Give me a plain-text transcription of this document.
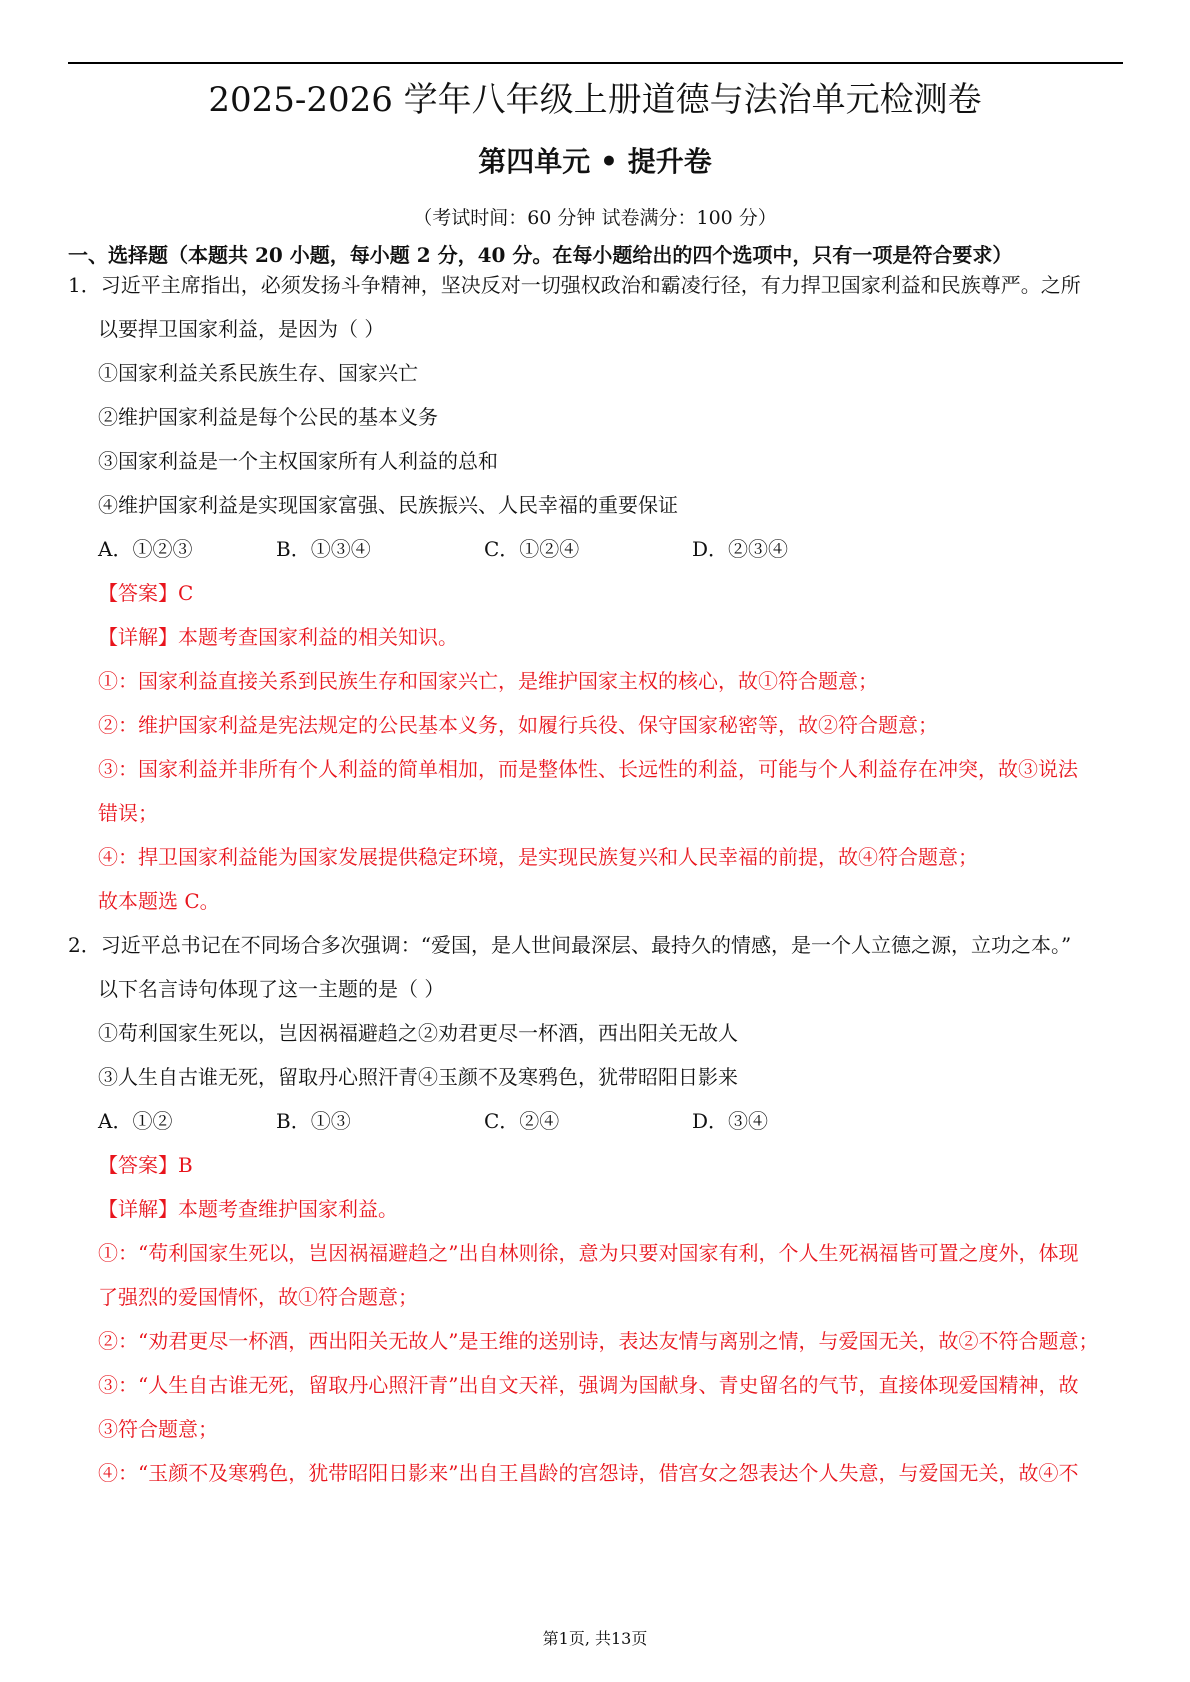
2025-2026 学年八年级上册道德与法治单元检测卷
第四单元 • 提升卷
（考试时间：60 分钟 试卷满分：100 分）
一、选择题（本题共 20 小题，每小题 2 分，40 分。在每小题给出的四个选项中，只有一项是符合要求）
1．习近平主席指出，必须发扬斗争精神，坚决反对一切强权政治和霸凌行径，有力捍卫国家利益和民族尊严。之所
以要捍卫国家利益，是因为（ ）
①国家利益关系民族生存、国家兴亡
②维护国家利益是每个公民的基本义务
③国家利益是一个主权国家所有人利益的总和
④维护国家利益是实现国家富强、民族振兴、人民幸福的重要保证
A．①②③	B．①③④	C．①②④	D．②③④
【答案】C
【详解】本题考查国家利益的相关知识。
①：国家利益直接关系到民族生存和国家兴亡，是维护国家主权的核心，故①符合题意；
②：维护国家利益是宪法规定的公民基本义务，如履行兵役、保守国家秘密等，故②符合题意；
③：国家利益并非所有个人利益的简单相加，而是整体性、长远性的利益，可能与个人利益存在冲突，故③说法
错误；
④：捍卫国家利益能为国家发展提供稳定环境，是实现民族复兴和人民幸福的前提，故④符合题意；
故本题选 C。
2．习近平总书记在不同场合多次强调：“爱国，是人世间最深层、最持久的情感，是一个人立德之源，立功之本。”
以下名言诗句体现了这一主题的是（ ）
①苟利国家生死以，岂因祸福避趋之②劝君更尽一杯酒，西出阳关无故人
③人生自古谁无死，留取丹心照汗青④玉颜不及寒鸦色，犹带昭阳日影来
A．①②	B．①③	C．②④	D．③④
【答案】B
【详解】本题考查维护国家利益。
①：“苟利国家生死以，岂因祸福避趋之”出自林则徐，意为只要对国家有利，个人生死祸福皆可置之度外，体现
了强烈的爱国情怀，故①符合题意；
②：“劝君更尽一杯酒，西出阳关无故人”是王维的送别诗，表达友情与离别之情，与爱国无关，故②不符合题意；
③：“人生自古谁无死，留取丹心照汗青”出自文天祥，强调为国献身、青史留名的气节，直接体现爱国精神，故
③符合题意；
④：“玉颜不及寒鸦色，犹带昭阳日影来”出自王昌龄的宫怨诗，借宫女之怨表达个人失意，与爱国无关，故④不
第1页, 共13页
